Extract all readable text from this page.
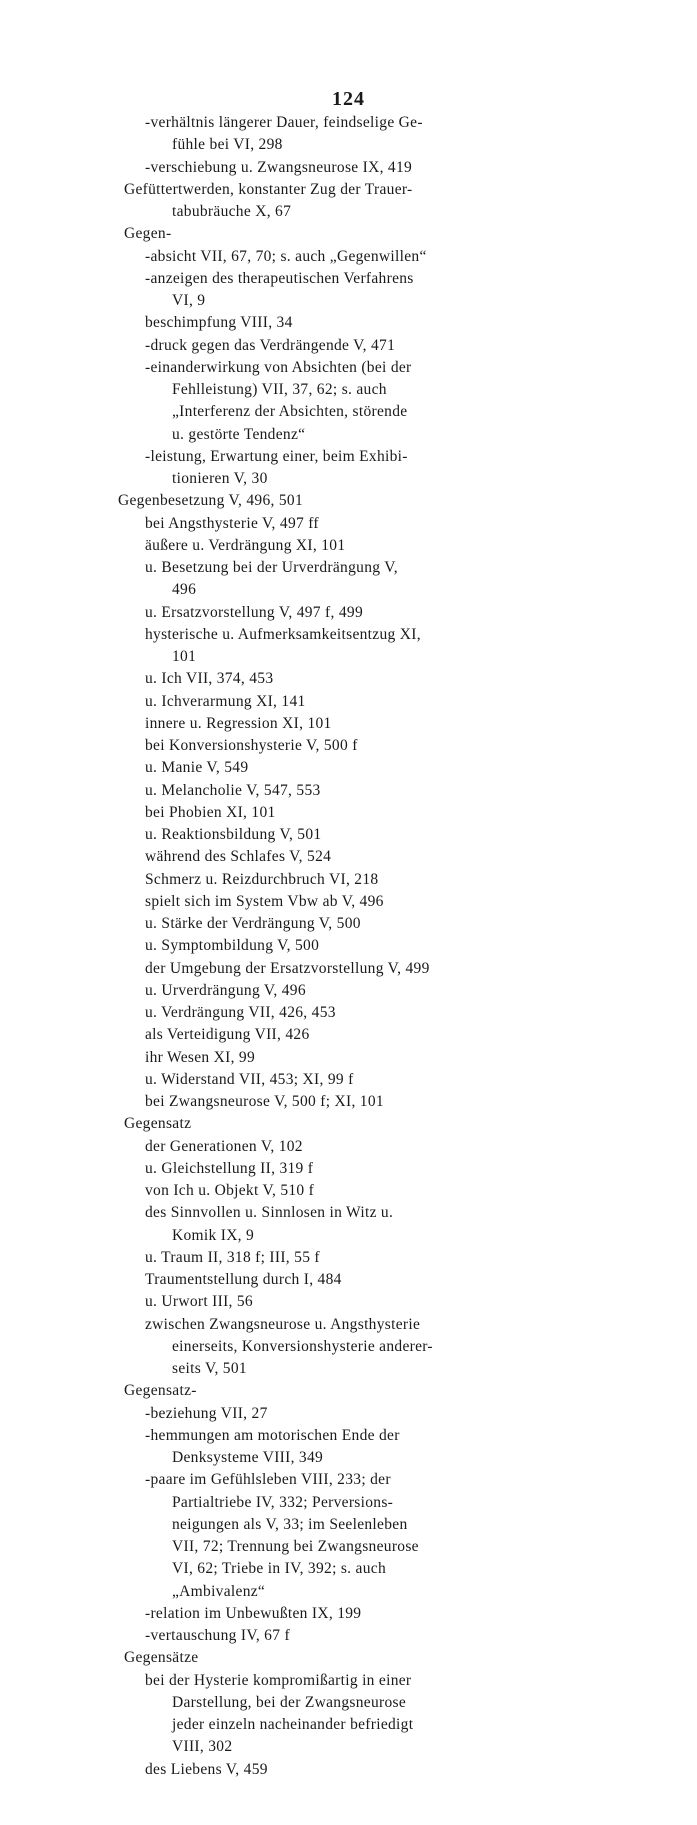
124
-verhältnis längerer Dauer, feindselige Ge-
fühle bei VI, 298
-verschiebung u. Zwangsneurose IX, 419
Gefüttertwerden, konstanter Zug der Trauer-
tabubräuche X, 67
Gegen-
-absicht VII, 67, 70; s. auch „Gegenwillen“
-anzeigen des therapeutischen Verfahrens
VI, 9
beschimpfung VIII, 34
-druck gegen das Verdrängende V, 471
-einanderwirkung von Absichten (bei der
Fehlleistung) VII, 37, 62; s. auch
„Interferenz der Absichten, störende
u. gestörte Tendenz“
-leistung, Erwartung einer, beim Exhibi-
tionieren V, 30
Gegenbesetzung V, 496, 501
bei Angsthysterie V, 497 ff
äußere u. Verdrängung XI, 101
u. Besetzung bei der Urverdrängung V,
496
u. Ersatzvorstellung V, 497 f, 499
hysterische u. Aufmerksamkeitsentzug XI,
101
u. Ich VII, 374, 453
u. Ichverarmung XI, 141
innere u. Regression XI, 101
bei Konversionshysterie V, 500 f
u. Manie V, 549
u. Melancholie V, 547, 553
bei Phobien XI, 101
u. Reaktionsbildung V, 501
während des Schlafes V, 524
Schmerz u. Reizdurchbruch VI, 218
spielt sich im System Vbw ab V, 496
u. Stärke der Verdrängung V, 500
u. Symptombildung V, 500
der Umgebung der Ersatzvorstellung V, 499
u. Urverdrängung V, 496
u. Verdrängung VII, 426, 453
als Verteidigung VII, 426
ihr Wesen XI, 99
u. Widerstand VII, 453; XI, 99 f
bei Zwangsneurose V, 500 f; XI, 101
Gegensatz
der Generationen V, 102
u. Gleichstellung II, 319 f
von Ich u. Objekt V, 510 f
des Sinnvollen u. Sinnlosen in Witz u.
Komik IX, 9
u. Traum II, 318 f; III, 55 f
Traumentstellung durch I, 484
u. Urwort III, 56
zwischen Zwangsneurose u. Angsthysterie
einerseits, Konversionshysterie anderer-
seits V, 501
Gegensatz-
-beziehung VII, 27
-hemmungen am motorischen Ende der
Denksysteme VIII, 349
-paare im Gefühlsleben VIII, 233; der
Partialtriebe IV, 332; Perversions-
neigungen als V, 33; im Seelenleben
VII, 72; Trennung bei Zwangsneurose
VI, 62; Triebe in IV, 392; s. auch
„Ambivalenz“
-relation im Unbewußten IX, 199
-vertauschung IV, 67 f
Gegensätze
bei der Hysterie kompromißartig in einer
Darstellung, bei der Zwangsneurose
jeder einzeln nacheinander befriedigt
VIII, 302
des Liebens V, 459
